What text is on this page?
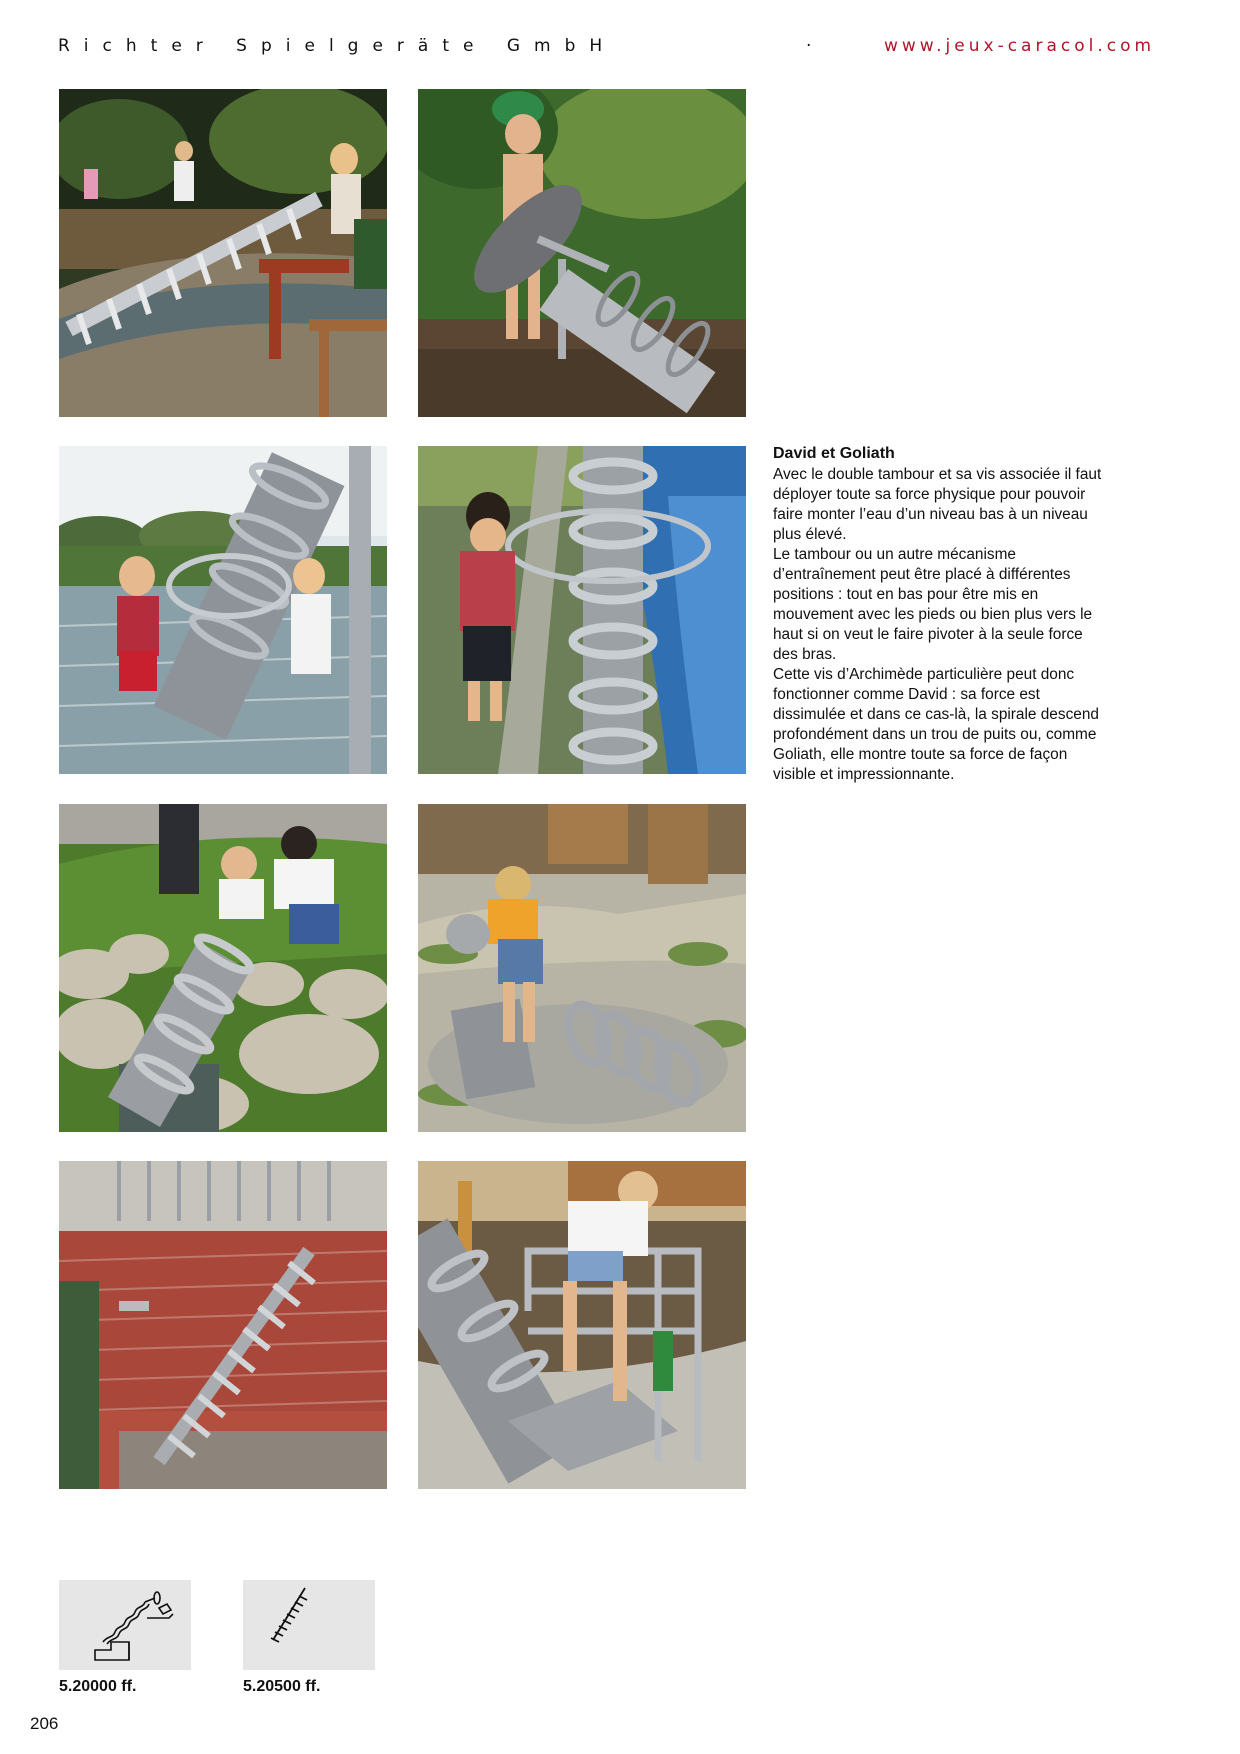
Richter Spielgeräte GmbH	·	www.jeux-caracol.com
David et Goliath

Avec le double tambour et sa vis associée il faut déployer toute sa force physique pour pouvoir faire monter l’eau d’un niveau bas à un niveau plus élevé.

Le tambour ou un autre mécanisme d’entraînement peut être placé à différentes positions : tout en bas pour être mis en mouvement avec les pieds ou bien plus vers le haut si on veut le faire pivoter à la seule force des bras.

Cette vis d’Archimède particulière peut donc fonctionner comme David : sa force est dissimulée et dans ce cas-là, la spirale descend profondément dans un trou de puits ou, comme Goliath, elle montre toute sa force de façon visible et impressionnante.

5.20000 ff.	5.20500 ff.
206
